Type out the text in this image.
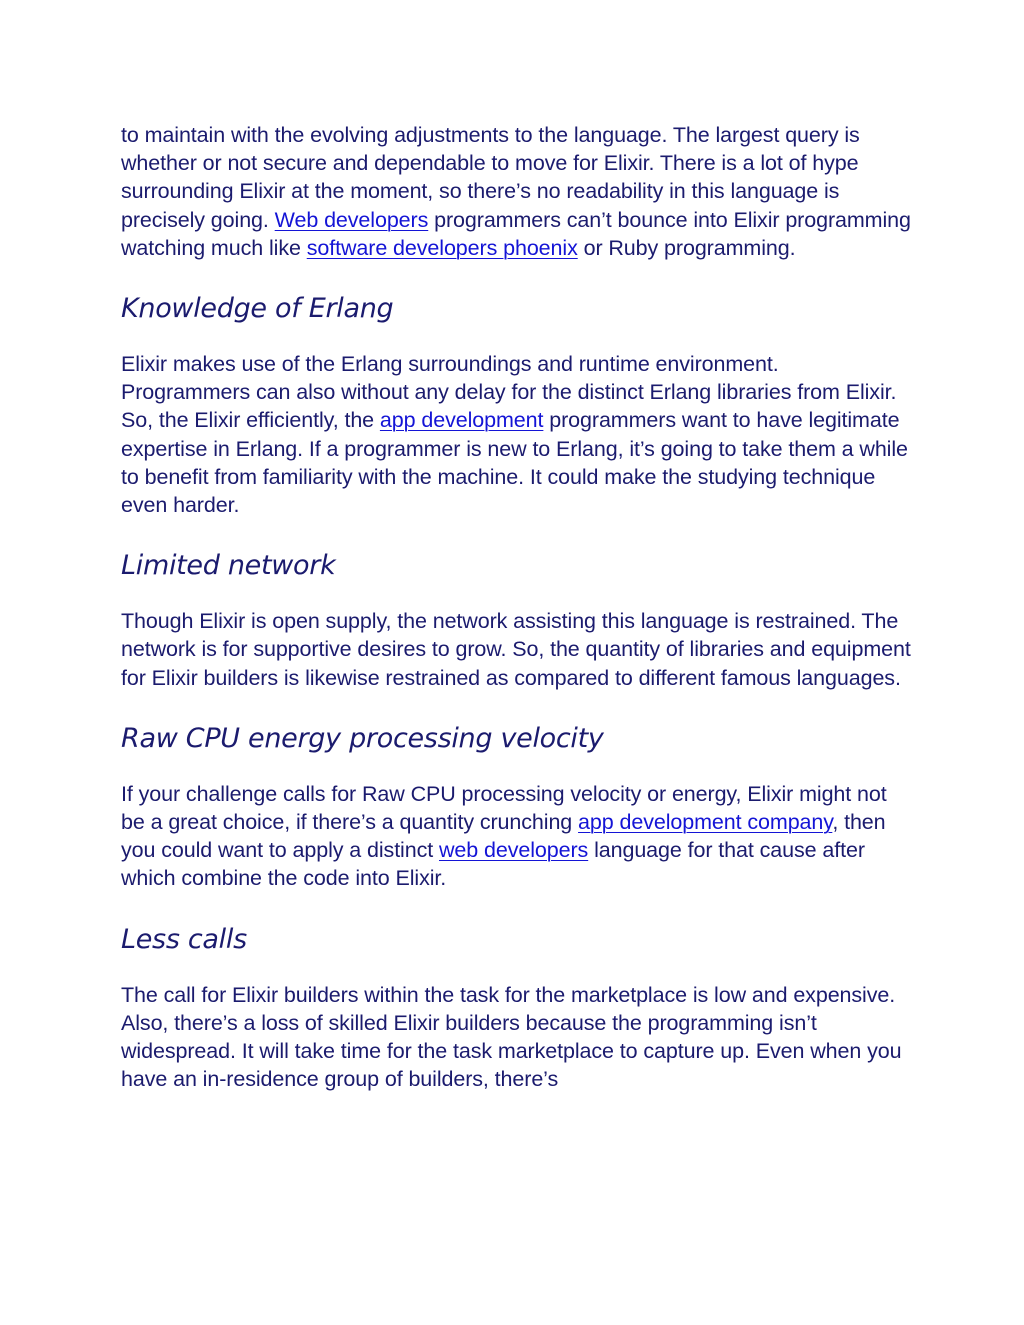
to maintain with the evolving adjustments to the language. The largest query is whether or not secure and dependable to move for Elixir. There is a lot of hype surrounding Elixir at the moment, so there’s no readability in this language is precisely going. Web developers programmers can’t bounce into Elixir programming watching much like software developers phoenix or Ruby programming.

Knowledge of Erlang

Elixir makes use of the Erlang surroundings and runtime environment. Programmers can also without any delay for the distinct Erlang libraries from Elixir. So, the Elixir efficiently, the app development programmers want to have legitimate expertise in Erlang. If a programmer is new to Erlang, it’s going to take them a while to benefit from familiarity with the machine. It could make the studying technique even harder.

Limited network

Though Elixir is open supply, the network assisting this language is restrained. The network is for supportive desires to grow. So, the quantity of libraries and equipment for Elixir builders is likewise restrained as compared to different famous languages.

Raw CPU energy processing velocity

If your challenge calls for Raw CPU processing velocity or energy, Elixir might not be a great choice, if there’s a quantity crunching app development company, then you could want to apply a distinct web developers language for that cause after which combine the code into Elixir.

Less calls

The call for Elixir builders within the task for the marketplace is low and expensive. Also, there’s a loss of skilled Elixir builders because the programming isn’t widespread. It will take time for the task marketplace to capture up. Even when you have an in-residence group of builders, there’s
